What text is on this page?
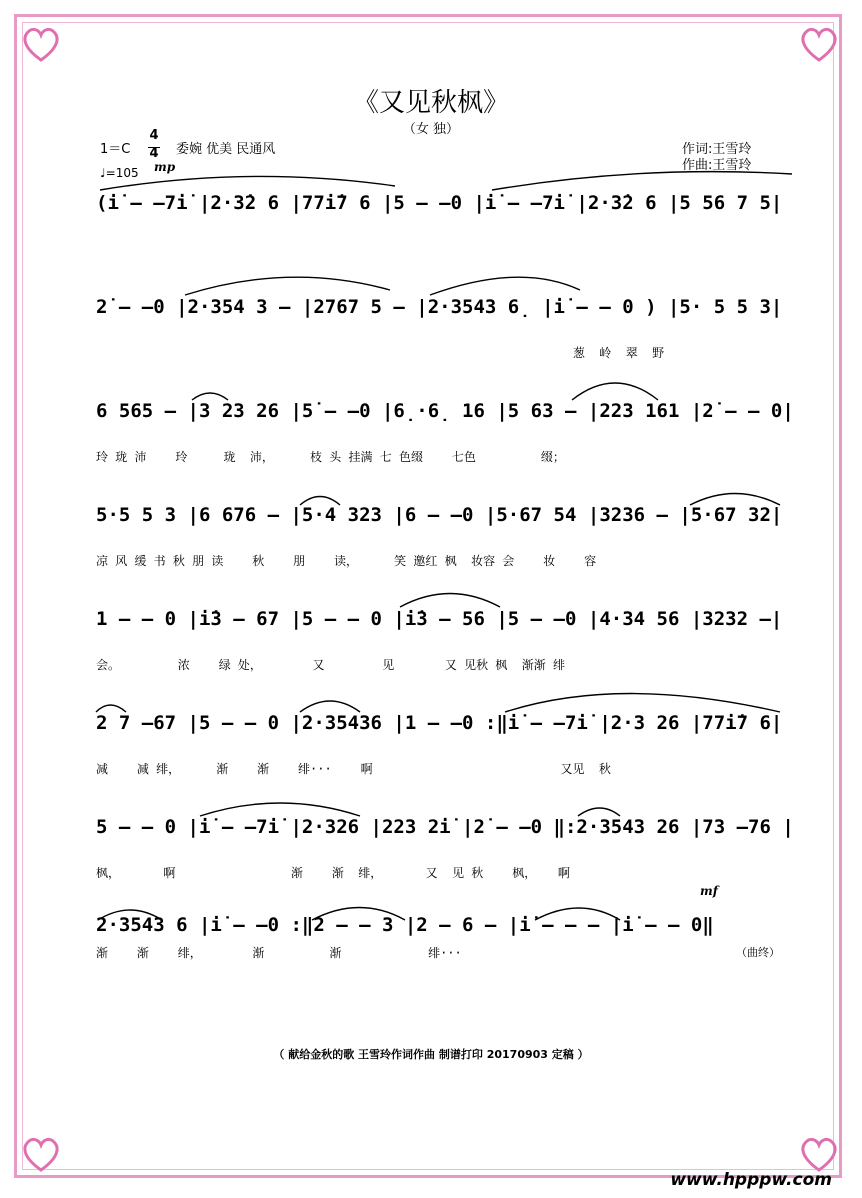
《又见秋枫》
（女 独）
1＝C
4
4 委婉 优美 民通风
♩=105 mp
作词:王雪玲
作曲:王雪玲
(i̇ – –7i̇ |2·3̇2 6 |77i̇7 6 |5 – –0 |i̇ – –7i̇ |2·3̇2 6 |5 56 7 5|
2̇ – –0 |2·354 3 – |2767 5 – |2·3543 6̣ |i̇ – – 0 ) |5· 5 5 3|
葱  岭  翠  野
6 565 – |3 23 26 |5̇ – –0 |6̣·6̣ 16 |5 63 – |223 161 |2̇ – – 0|
玲 珑 沛    玲     珑  沛，     枝 头 挂满 七 色缀    七色         缀；
5·5 5 3 |6 676 – |5·4 323 |6 – –0 |5·67 54 |3236 – |5·67 32|
凉 风 缓 书 秋 朋 读    秋    朋    读，     笑 邀红 枫  妆容 会    妆    容
1 – – 0 |i̇3 – 67 |5 – – 0 |i̇3 – 56 |5 – –0 |4·34 56 |3232 –|
会。        浓    绿 处，       又        见       又 见秋 枫  渐渐 绯
2 7 –67 |5 – – 0 |2·35436 |1 – –0 :‖i̇ – –7i̇ |2·3 26 |77i̇7 6|
减    减 绯，     渐    渐    绯···    啊                          又见  秋
5 – – 0 |i̇ – –7i̇ |2·326 |223 2i̇ |2̇ – –0 ‖:2·3543 26 |73 –76 |
枫，      啊                渐    渐  绯，      又  见 秋    枫，   啊
2·3543 6 |i̇ – –0 :‖2 – – 3 |2 – 6 – |i̇ – – – |i̇ – – 0‖
渐    渐    绯，       渐         渐            绯···
mf
（曲终）
（ 献给金秋的歌 王雪玲作词作曲 制谱打印 20170903 定稿 ）
www.hpppw.com
